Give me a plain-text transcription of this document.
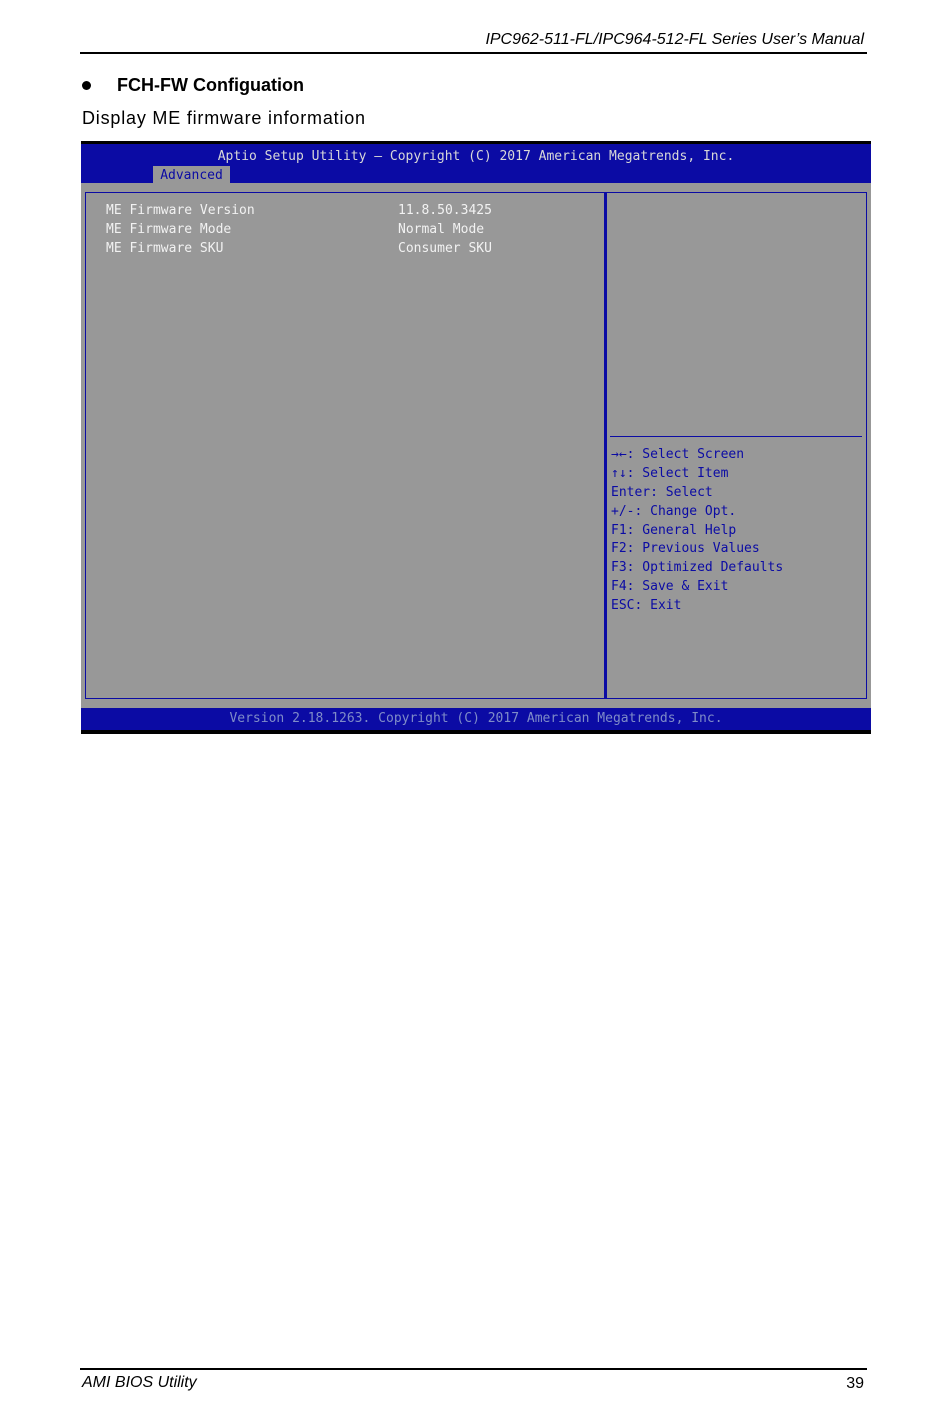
IPC962-511-FL/IPC964-512-FL Series User’s Manual
FCH-FW Configuation
Display ME firmware information
Aptio Setup Utility – Copyright (C) 2017 American Megatrends, Inc.
Advanced
ME Firmware Version	11.8.50.3425
ME Firmware Mode	Normal Mode
ME Firmware SKU	Consumer SKU
→←: Select Screen
↑↓: Select Item
Enter: Select
+/-: Change Opt.
F1: General Help
F2: Previous Values
F3: Optimized Defaults
F4: Save & Exit
ESC: Exit
Version 2.18.1263. Copyright (C) 2017 American Megatrends, Inc.
AMI BIOS Utility	39
